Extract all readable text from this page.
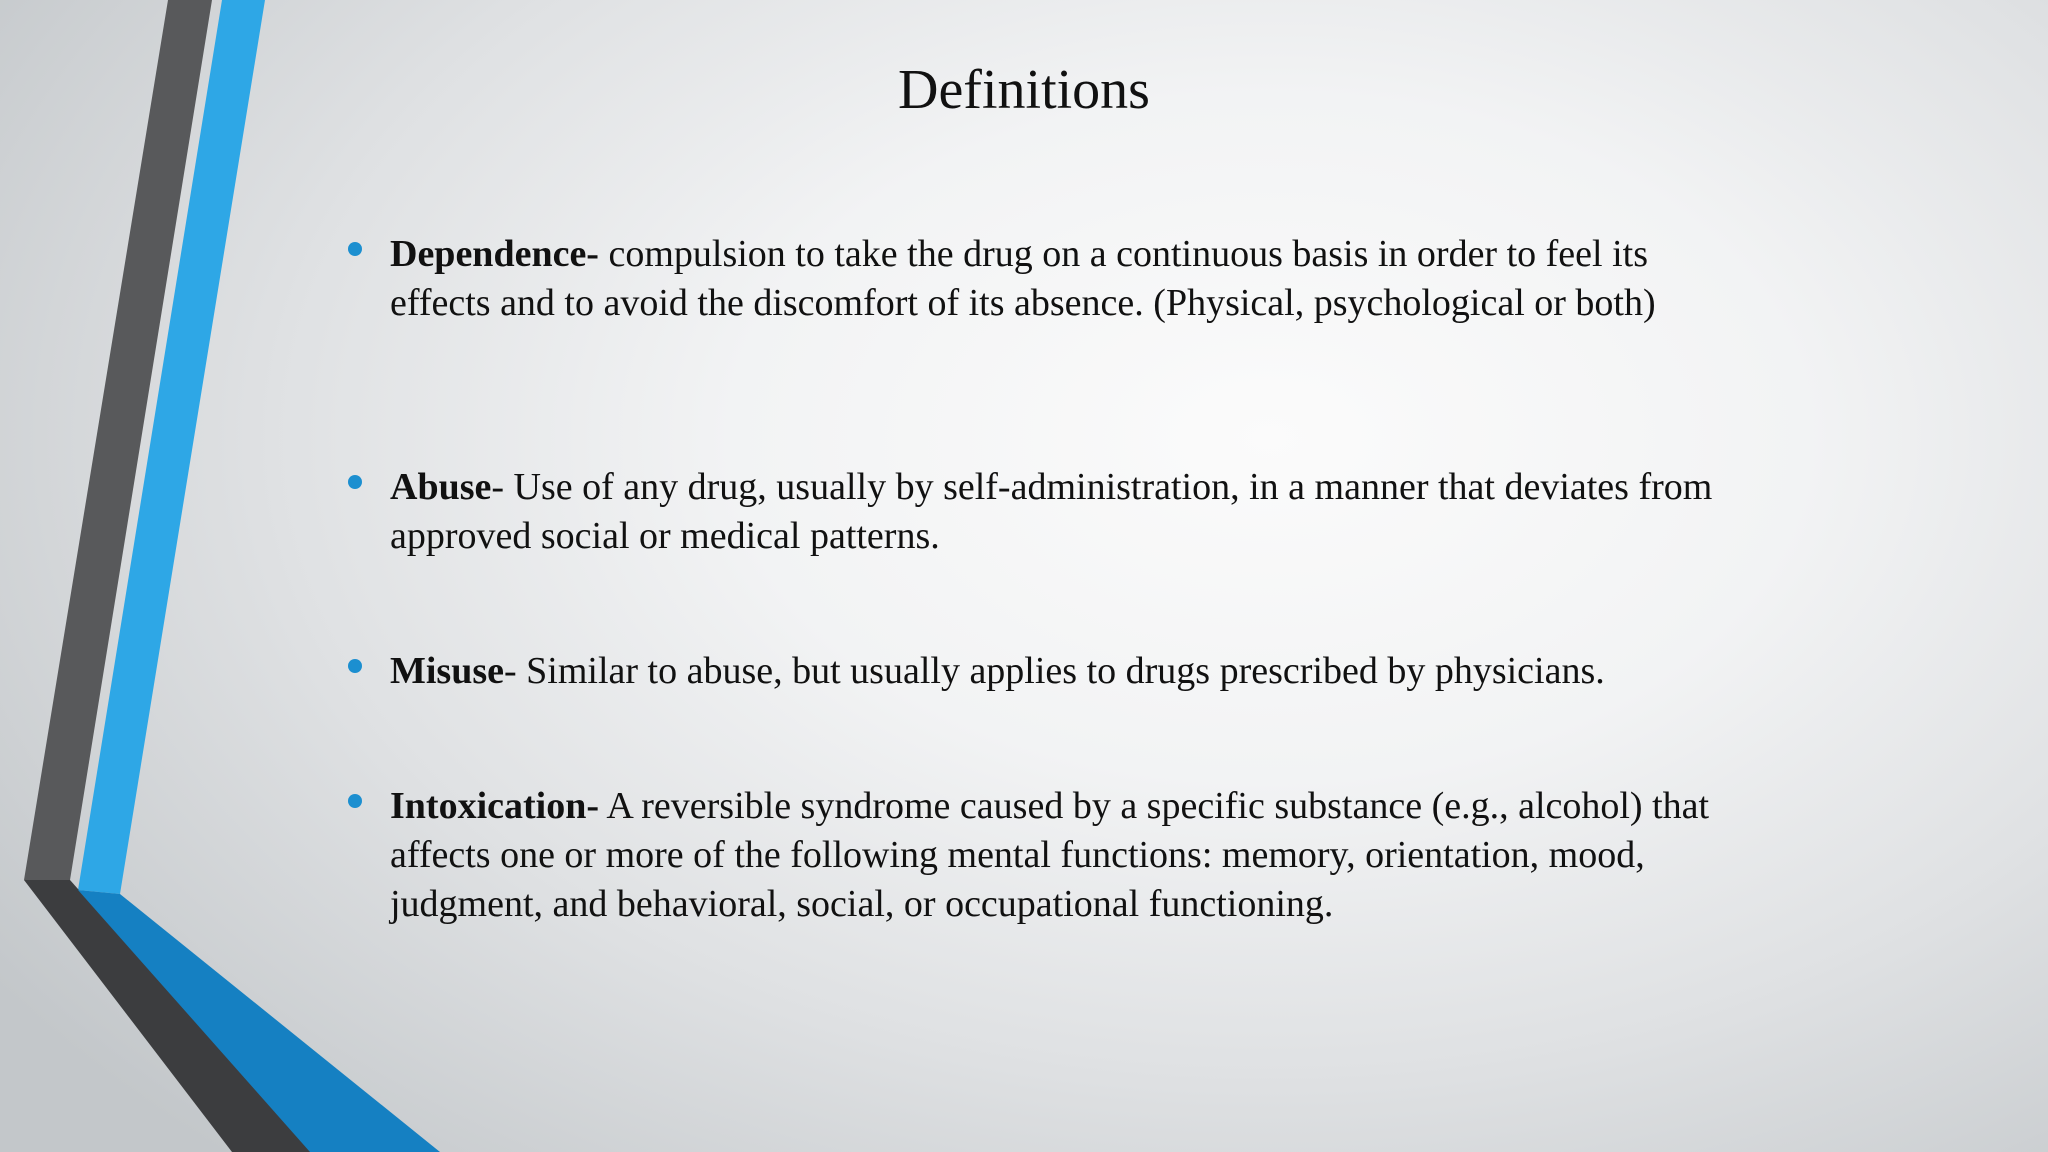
Definitions
Dependence- compulsion to take the drug on a continuous basis in order to feel its effects and to avoid the discomfort of its absence. (Physical, psychological or both)
Abuse- Use of any drug, usually by self-administration, in a manner that deviates from approved social or medical patterns.
Misuse- Similar to abuse, but usually applies to drugs prescribed by physicians.
Intoxication- A reversible syndrome caused by a specific substance (e.g., alcohol) that affects one or more of the following mental functions: memory, orientation, mood, judgment, and behavioral, social, or occupational functioning.
